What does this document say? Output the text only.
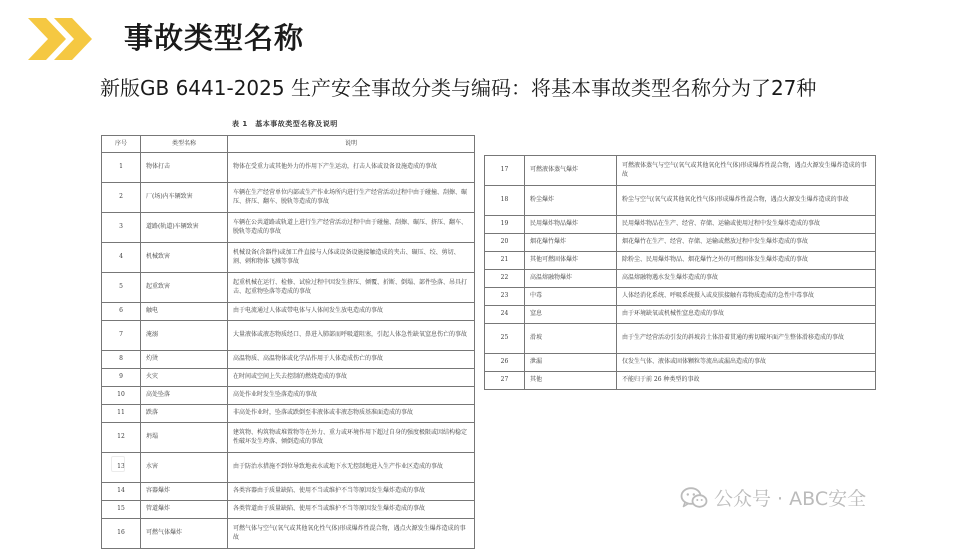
事故类型名称

新版GB 6441-2025 生产安全事故分类与编码：将基本事故类型名称分为了27种

表 1　基本事故类型名称及说明
序号	类型名称	说明
1	物体打击	物体在受重力或其他外力的作用下产生运动，打击人体或设备设施造成的事故
2	厂(场)内车辆致害	车辆在生产经营单位内部或生产作业场所内进行生产经营活动过程中由于碰撞、刮擦、碾压、挤压、翻车、脱轨等造成的事故
3	道路(轨道)车辆致害	车辆在公共道路或轨道上进行生产经营活动过程中由于碰撞、刮擦、碾压、挤压、翻车、脱轨等造成的事故
4	机械致害	机械设备(含器件)或加工件直接与人体或设备设施接触造成的夹击、碾压、绞、剪切、割、刺和物体飞溅等事故
5	起重致害	起重机械在运行、检修、试验过程中因发生挤压、倾覆、折断、倒塌、部件坠落、吊具打击、起重物坠落等造成的事故
6	触电	由于电流通过人体或带电体与人体间发生放电造成的事故
7	淹溺	大量液体或液态物质经口、鼻进入肺部而呼吸道阻塞，引起人体急性缺氧窒息伤亡的事故
8	灼烫	高温物质、高温物体或化学品作用于人体造成伤亡的事故
9	火灾	在时间或空间上失去控制的燃烧造成的事故
10	高处坠落	高处作业时发生坠落造成的事故
11	跌落	非高处作业时，坠落或跌倒至非液体或非液态物质基准面造成的事故
12	坍塌	建筑物、构筑物或堆置物等在外力、重力或环境作用下超过自身的强度极限或因结构稳定性破坏发生垮落、倾倒造成的事故
13	水害	由于防治水措施不到位导致地表水或地下水无控制地进入生产作业区造成的事故
14	容器爆炸	各类容器由于质量缺陷、使用不当或维护不当等原因发生爆炸造成的事故
15	管道爆炸	各类管道由于质量缺陷、使用不当或维护不当等原因发生爆炸造成的事故
16	可燃气体爆炸	可燃气体与空气(氧气或其他氧化性气体)形成爆炸性混合物，遇点火源发生爆炸造成的事故
17	可燃液体蒸气爆炸	可燃液体蒸气与空气(氧气或其他氧化性气体)形成爆炸性混合物，遇点火源发生爆炸造成的事故
18	粉尘爆炸	粉尘与空气(氧气或其他氧化性气体)形成爆炸性混合物，遇点火源发生爆炸造成的事故
19	民用爆炸物品爆炸	民用爆炸物品在生产、经营、存储、运输或使用过程中发生爆炸造成的事故
20	烟花爆竹爆炸	烟花爆竹在生产、经营、存储、运输或燃放过程中发生爆炸造成的事故
21	其他可燃固体爆炸	除粉尘、民用爆炸物品、烟花爆竹之外的可燃固体发生爆炸造成的事故
22	高温熔融物爆炸	高温熔融物遇水发生爆炸造成的事故
23	中毒	人体经消化系统、呼吸系统摄入或皮肤接触有毒物质造成的急性中毒事故
24	窒息	由于环境缺氧或机械性窒息造成的事故
25	滑坡	由于生产经营活动引发的斜坡岩土体沿着贯通的剪切破坏面产生整体滑移造成的事故
26	泄漏	仅发生气体、液体或固体颗粒等流出或漏出造成的事故
27	其他	不能归于前 26 种类型的事故
公众号 · ABC安全
